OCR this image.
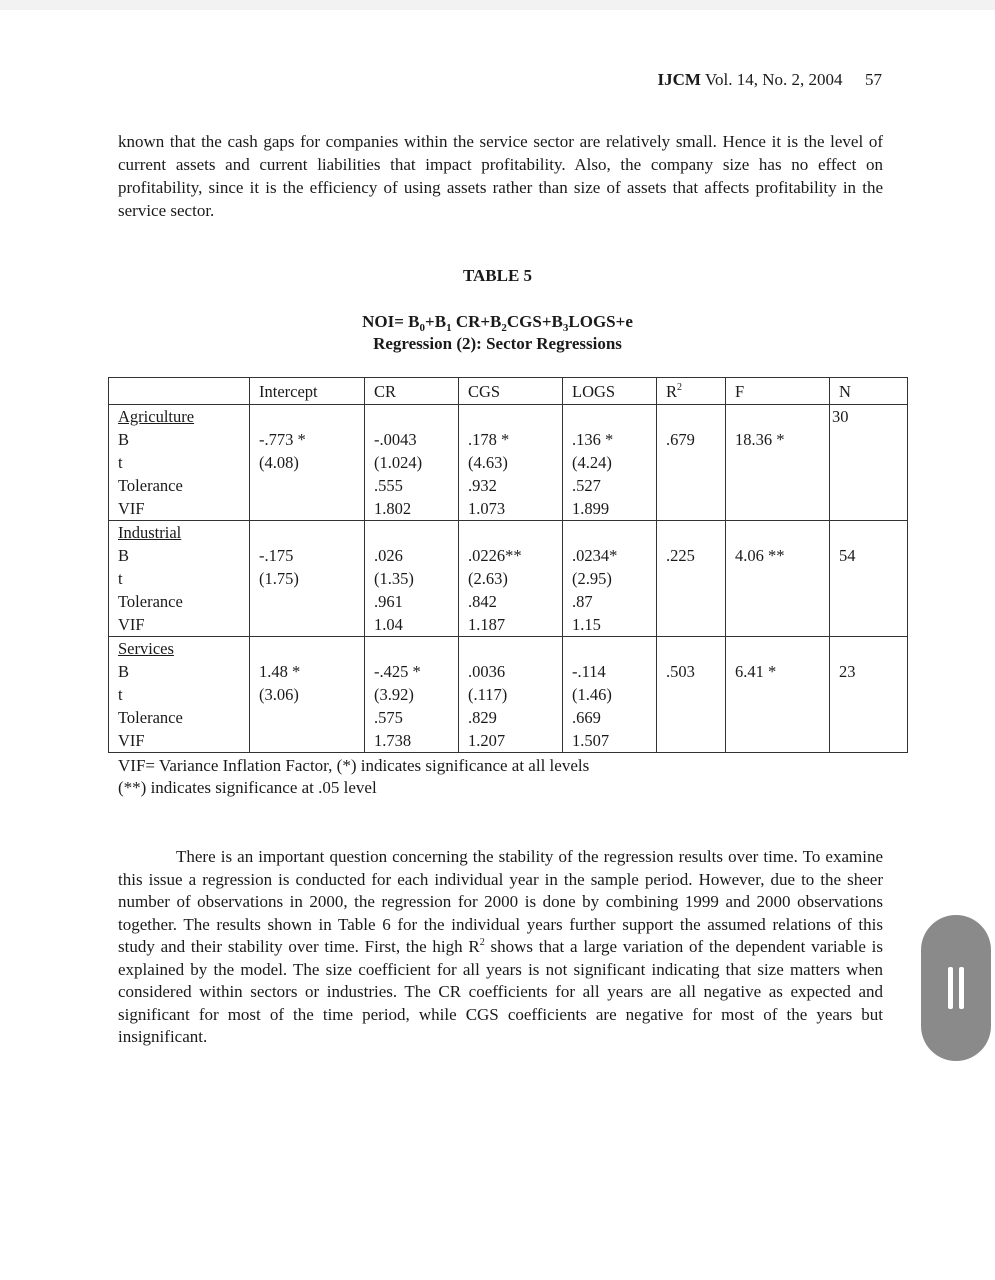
IJCM Vol. 14, No. 2, 2004 57
known that the cash gaps for companies within the service sector are relatively small. Hence it is the level of current assets and current liabilities that impact profitability. Also, the company size has no effect on profitability, since it is the efficiency of using assets rather than size of assets that affects profitability in the service sector.
TABLE 5
$NOI= B_0+B_1$ $CR+B_2CGS+B_3LOGS+e$
Regression (2): Sector Regressions
	Intercept	CR	CGS	LOGS	$R^2$	F	N
Agriculture							30
B	-.773 *	-.0043	.178 *	.136 *	.679	18.36 *	
t	(4.08)	(1.024)	(4.63)	(4.24)			
Tolerance		.555	.932	.527			
VIF		1.802	1.073	1.899			
Industrial							
B	-.175	.026	.0226**	.0234*	.225	4.06 **	54
t	(1.75)	(1.35)	(2.63)	(2.95)			
Tolerance		.961	.842	.87			
VIF		1.04	1.187	1.15			
Services							
B	1.48 *	-.425 *	.0036	-.114	.503	6.41 *	23
t	(3.06)	(3.92)	(.117)	(1.46)			
Tolerance		.575	.829	.669			
VIF		1.738	1.207	1.507			
VIF= Variance Inflation Factor, (*) indicates significance at all levels
(**) indicates significance at .05 level
There is an important question concerning the stability of the regression results over time. To examine this issue a regression is conducted for each individual year in the sample period. However, due to the sheer number of observations in 2000, the regression for 2000 is done by combining 1999 and 2000 observations together. The results shown in Table 6 for the individual years further support the assumed relations of this study and their stability over time. First, the high $R^2$ shows that a large variation of the dependent variable is explained by the model. The size coefficient for all years is not significant indicating that size matters when considered within sectors or industries. The CR coefficients for all years are all negative as expected and significant for most of the time period, while CGS coefficients are negative for most of the years but insignificant.
